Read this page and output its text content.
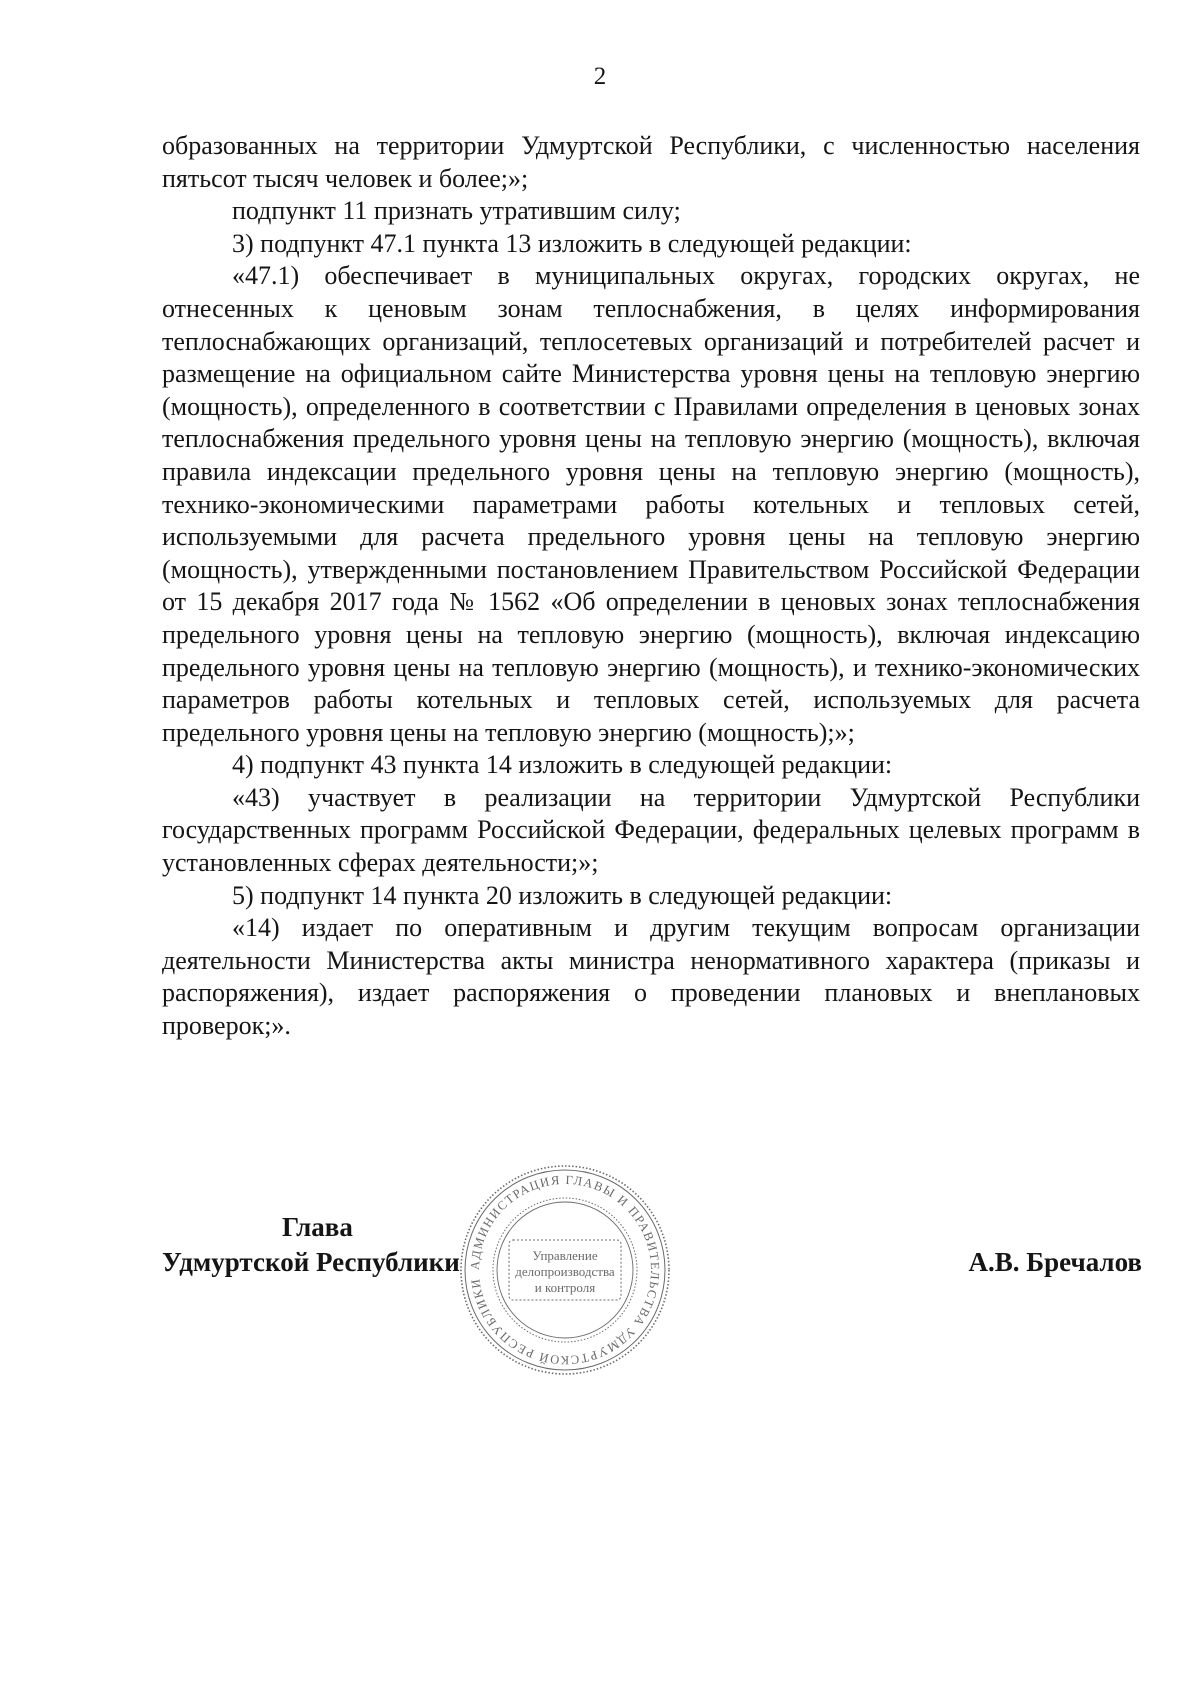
2

образованных на территории Удмуртской Республики, с численностью населения пятьсот тысяч человек и более;»;

подпункт 11 признать утратившим силу;

3) подпункт 47.1 пункта 13 изложить в следующей редакции:

«47.1) обеспечивает в муниципальных округах, городских округах, не отнесенных к ценовым зонам теплоснабжения, в целях информирования теплоснабжающих организаций, теплосетевых организаций и потребителей расчет и размещение на официальном сайте Министерства уровня цены на тепловую энергию (мощность), определенного в соответствии с Правилами определения в ценовых зонах теплоснабжения предельного уровня цены на тепловую энергию (мощность), включая правила индексации предельного уровня цены на тепловую энергию (мощность), технико-экономическими параметрами работы котельных и тепловых сетей, используемыми для расчета предельного уровня цены на тепловую энергию (мощность), утвержденными постановлением Правительством Российской Федерации от 15 декабря 2017 года № 1562 «Об определении в ценовых зонах теплоснабжения предельного уровня цены на тепловую энергию (мощность), включая индексацию предельного уровня цены на тепловую энергию (мощность), и технико-экономических параметров работы котельных и тепловых сетей, используемых для расчета предельного уровня цены на тепловую энергию (мощность);»;

4) подпункт 43 пункта 14 изложить в следующей редакции:

«43) участвует в реализации на территории Удмуртской Республики государственных программ Российской Федерации, федеральных целевых программ в установленных сферах деятельности;»;

5) подпункт 14 пункта 20 изложить в следующей редакции:

«14) издает по оперативным и другим текущим вопросам организации деятельности Министерства акты министра ненормативного характера (приказы и распоряжения), издает распоряжения о проведении плановых и внеплановых проверок;».

Глава
Удмуртской Республики	А.В. Бречалов
АДМИНИСТРАЦИЯ ГЛАВЫ И ПРАВИТЕЛЬСТВА УДМУРТСКОЙ РЕСПУБЛИКИ
Управление
делопроизводства
и контроля
